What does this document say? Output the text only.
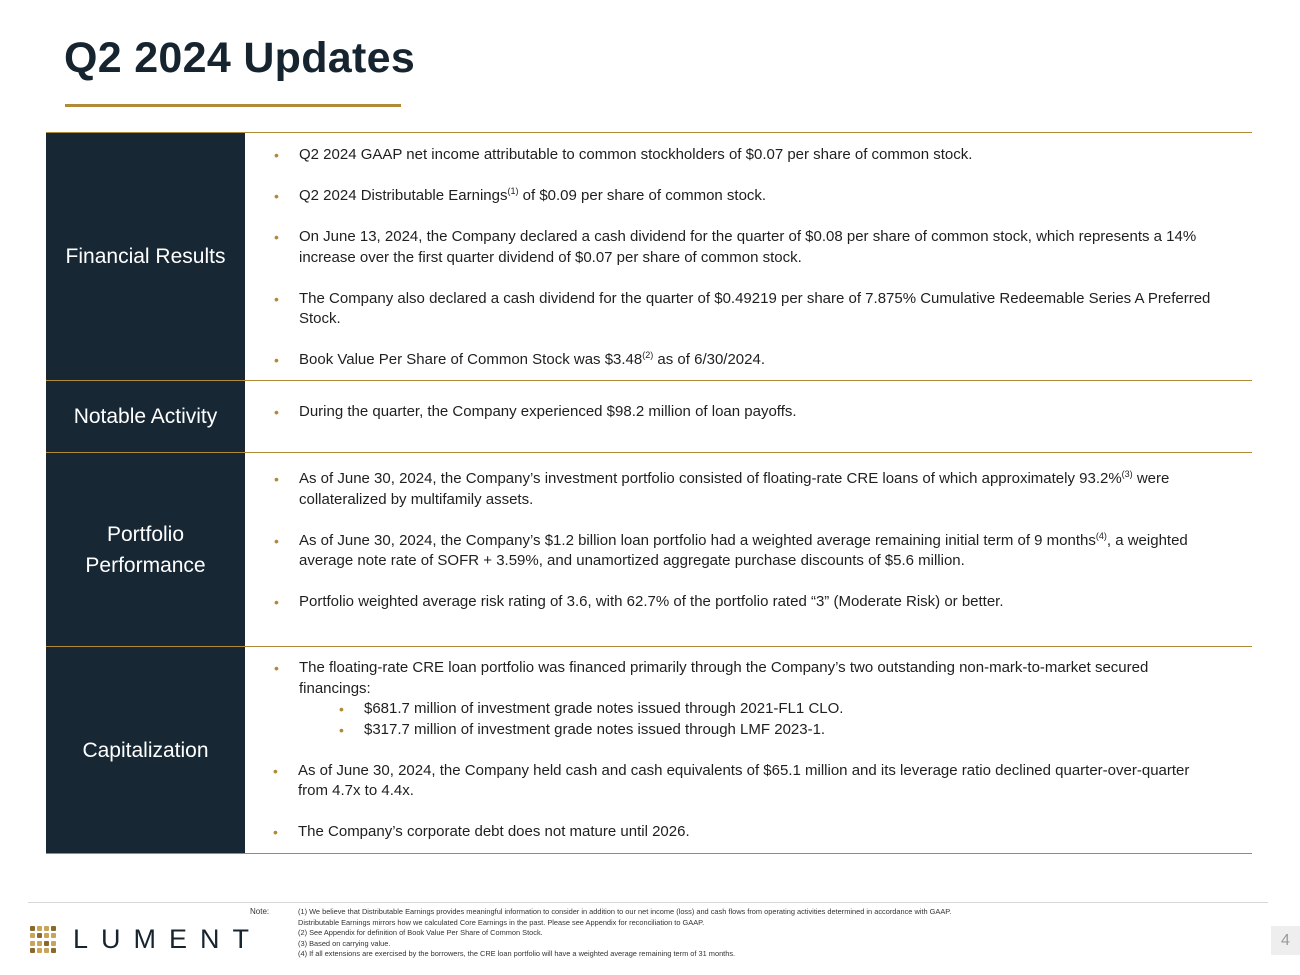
Q2 2024 Updates
Financial Results
• Q2 2024 GAAP net income attributable to common stockholders of $0.07 per share of common stock.
• Q2 2024 Distributable Earnings$^{(1)}$ of $0.09 per share of common stock.
• On June 13, 2024, the Company declared a cash dividend for the quarter of $0.08 per share of common stock, which represents a 14% increase over the first quarter dividend of $0.07 per share of common stock.
• The Company also declared a cash dividend for the quarter of $0.49219 per share of 7.875% Cumulative Redeemable Series A Preferred Stock.
• Book Value Per Share of Common Stock was $3.48$^{(2)}$ as of 6/30/2024.
Notable Activity
•	During the quarter, the Company experienced $98.2 million of loan payoffs.
Portfolio Performance
• As of June 30, 2024, the Company’s investment portfolio consisted of floating-rate CRE loans of which approximately 93.2%$^{(3)}$ were collateralized by multifamily assets.
• As of June 30, 2024, the Company’s $1.2 billion loan portfolio had a weighted average remaining initial term of 9 months$^{(4)}$, a weighted average note rate of SOFR + 3.59%, and unamortized aggregate purchase discounts of $5.6 million.
• Portfolio weighted average risk rating of 3.6, with 62.7% of the portfolio rated “3” (Moderate Risk) or better.
Capitalization
• The floating-rate CRE loan portfolio was financed primarily through the Company’s two outstanding non-mark-to-market secured financings:
• $681.7 million of investment grade notes issued through 2021-FL1 CLO.
• $317.7 million of investment grade notes issued through LMF 2023-1.
• As of June 30, 2024, the Company held cash and cash equivalents of $65.1 million and its leverage ratio declined quarter-over-quarter from 4.7x to 4.4x.
• The Company’s corporate debt does not mature until 2026.
LUMENT
Note:	(1) We believe that Distributable Earnings provides meaningful information to consider in addition to our net income (loss) and cash flows from operating activities determined in accordance with GAAP.
Distributable Earnings mirrors how we calculated Core Earnings in the past. Please see Appendix for reconciliation to GAAP.
(2) See Appendix for definition of Book Value Per Share of Common Stock.
(3) Based on carrying value.
(4) If all extensions are exercised by the borrowers, the CRE loan portfolio will have a weighted average remaining term of 31 months.
4
